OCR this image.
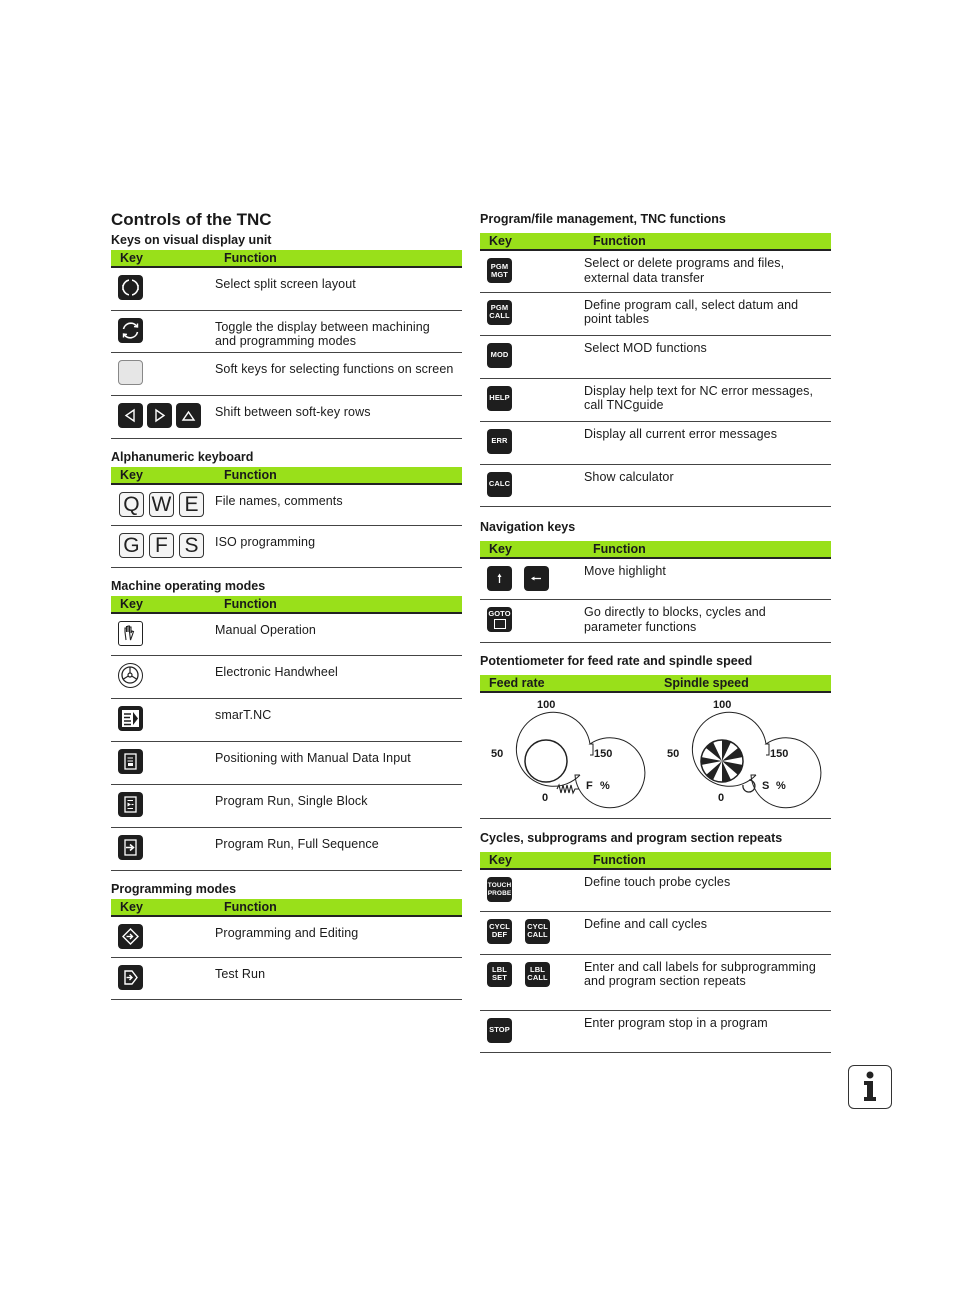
Controls of the TNC
Keys on visual display unit
Key	Function

	Select split screen layout

	Toggle the display between machining and programming modes
	Soft keys for selecting functions on screen

	Shift between soft-key rows
Alphanumeric keyboard
Key	Function
Q W E	File names, comments
G F S	ISO programming
Machine operating modes
Key	Function

	Manual Operation

	Electronic Handwheel

	smarT.NC

	Positioning with Manual Data Input

	Program Run, Single Block

	Program Run, Full Sequence
Programming modes
Key	Function

	Programming and Editing

	Test Run
Program/file management, TNC functions
Key	Function

PGM
MGT	Select or delete programs and files, external data transfer

PGM
CALL	Define program call, select datum and point tables
MOD	Select MOD functions
HELP	Display help text for NC error messages, call TNCguide
ERR	Display all current error messages
CALC	Show calculator
Navigation keys
Key	Function

	Move highlight

GOTO	Go directly to blocks, cycles and parameter functions
Potentiometer for feed rate and spindle speed
Feed rate	Spindle speed
100
50	150
0
F %
100
50	150
0
S %
Cycles, subprograms and program section repeats
Key	Function

TOUCH
PROBE	Define touch probe cycles

CYCL
DEF
CYCL
CALL	Define and call cycles

LBL
SET
LBL
CALL	Enter and call labels for subprogramming and program section repeats
STOP	Enter program stop in a program
